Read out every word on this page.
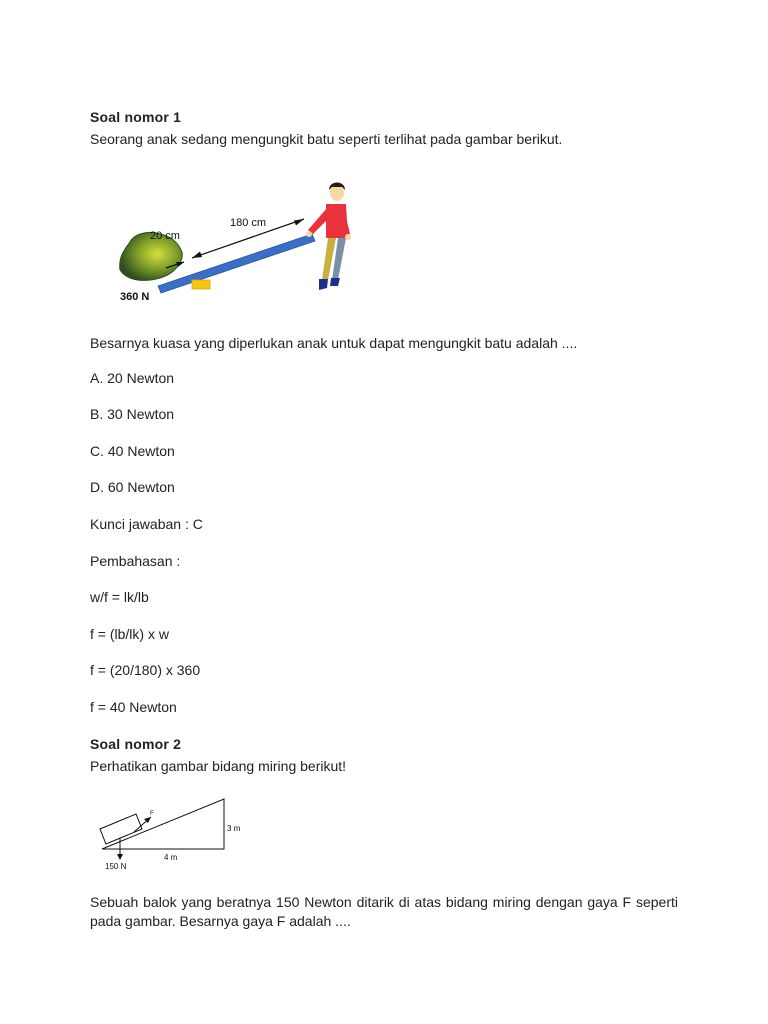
Soal nomor 1
Seorang anak sedang mengungkit batu seperti terlihat pada gambar berikut.
180 cm
20 cm
360 N
Besarnya kuasa yang diperlukan anak untuk dapat mengungkit batu adalah ....
A. 20 Newton
B. 30 Newton
C. 40 Newton
D. 60 Newton
Kunci jawaban : C
Pembahasan :
w/f = lk/lb
f = (lb/lk) x w
f = (20/180) x 360
f = 40 Newton
Soal nomor 2
Perhatikan gambar bidang miring berikut!
F
3 m
4 m
150 N
Sebuah balok yang beratnya 150 Newton ditarik di atas bidang miring dengan gaya F seperti pada gambar. Besarnya gaya F adalah ....
